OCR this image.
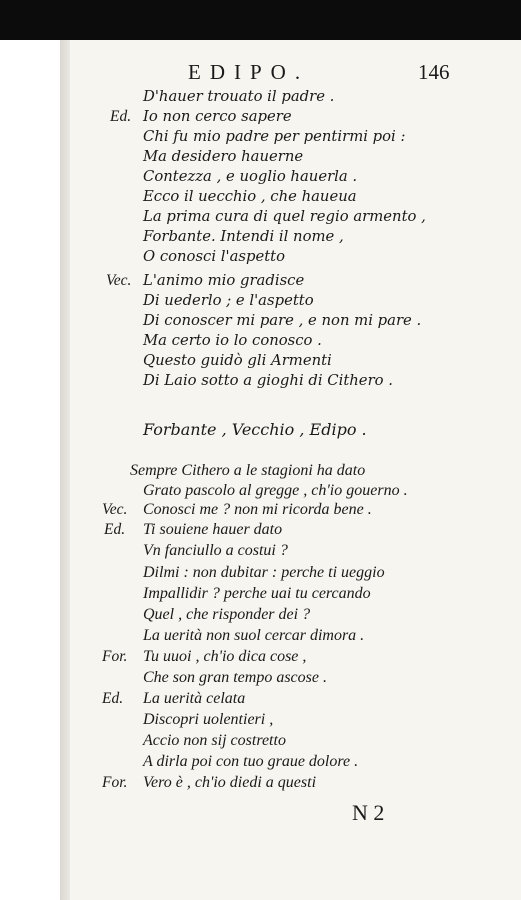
EDIPO.	146
D'hauer trouato il padre .
Ed. Io non cerco sapere
Chi fu mio padre per pentirmi poi :
Ma desidero hauerne
Contezza , e uoglio hauerla .
Ecco il uecchio , che haueua
La prima cura di quel regio armento ,
Forbante. Intendi il nome ,
O conosci l'aspetto
Vec. L'animo mio gradisce
Di uederlo ; e l'aspetto
Di conoscer mi pare , e non mi pare .
Ma certo io lo conosco .
Questo guidò gli Armenti
Di Laio sotto a gioghi di Cithero .
Forbante , Vecchio , Edipo .
Sempre Cithero a le stagioni ha dato
Grato pascolo al gregge , ch'io gouerno .
Vec. Conosci me ? non mi ricorda bene .
Ed. Ti souiene hauer dato
Vn fanciullo a costui ?
Dilmi : non dubitar : perche ti ueggio
Impallidir ? perche uai tu cercando
Quel , che risponder dei ?
La uerità non suol cercar dimora .
For. Tu uuoi , ch'io dica cose ,
Che son gran tempo ascose .
Ed. La uerità celata
Discopri uolentieri ,
Accio non sij costretto
A dirla poi con tuo graue dolore .
For. Vero è , ch'io diedi a questi
N 2
